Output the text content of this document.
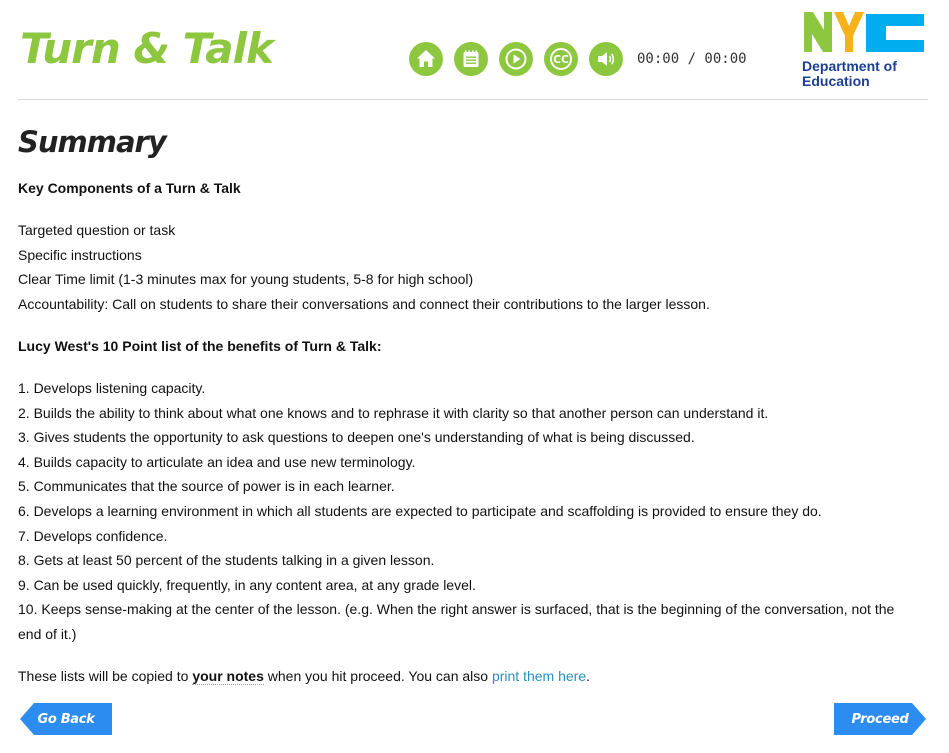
Turn & Talk	CC	00:00 / 00:00	Department of

Education

Summary

Key Components of a Turn & Talk

Targeted question or task

Specific instructions

Clear Time limit (1-3 minutes max for young students, 5-8 for high school)

Accountability: Call on students to share their conversations and connect their contributions to the larger lesson.

Lucy West's 10 Point list of the benefits of Turn & Talk:

1. Develops listening capacity.

2. Builds the ability to think about what one knows and to rephrase it with clarity so that another person can understand it.

3. Gives students the opportunity to ask questions to deepen one's understanding of what is being discussed.

4. Builds capacity to articulate an idea and use new terminology.

5. Communicates that the source of power is in each learner.

6. Develops a learning environment in which all students are expected to participate and scaffolding is provided to ensure they do.

7. Develops confidence.

8. Gets at least 50 percent of the students talking in a given lesson.

9. Can be used quickly, frequently, in any content area, at any grade level.

10. Keeps sense-making at the center of the lesson. (e.g. When the right answer is surfaced, that is the beginning of the conversation, not the end of it.)

These lists will be copied to your notes when you hit proceed. You can also print them here.

Go Back	Proceed
